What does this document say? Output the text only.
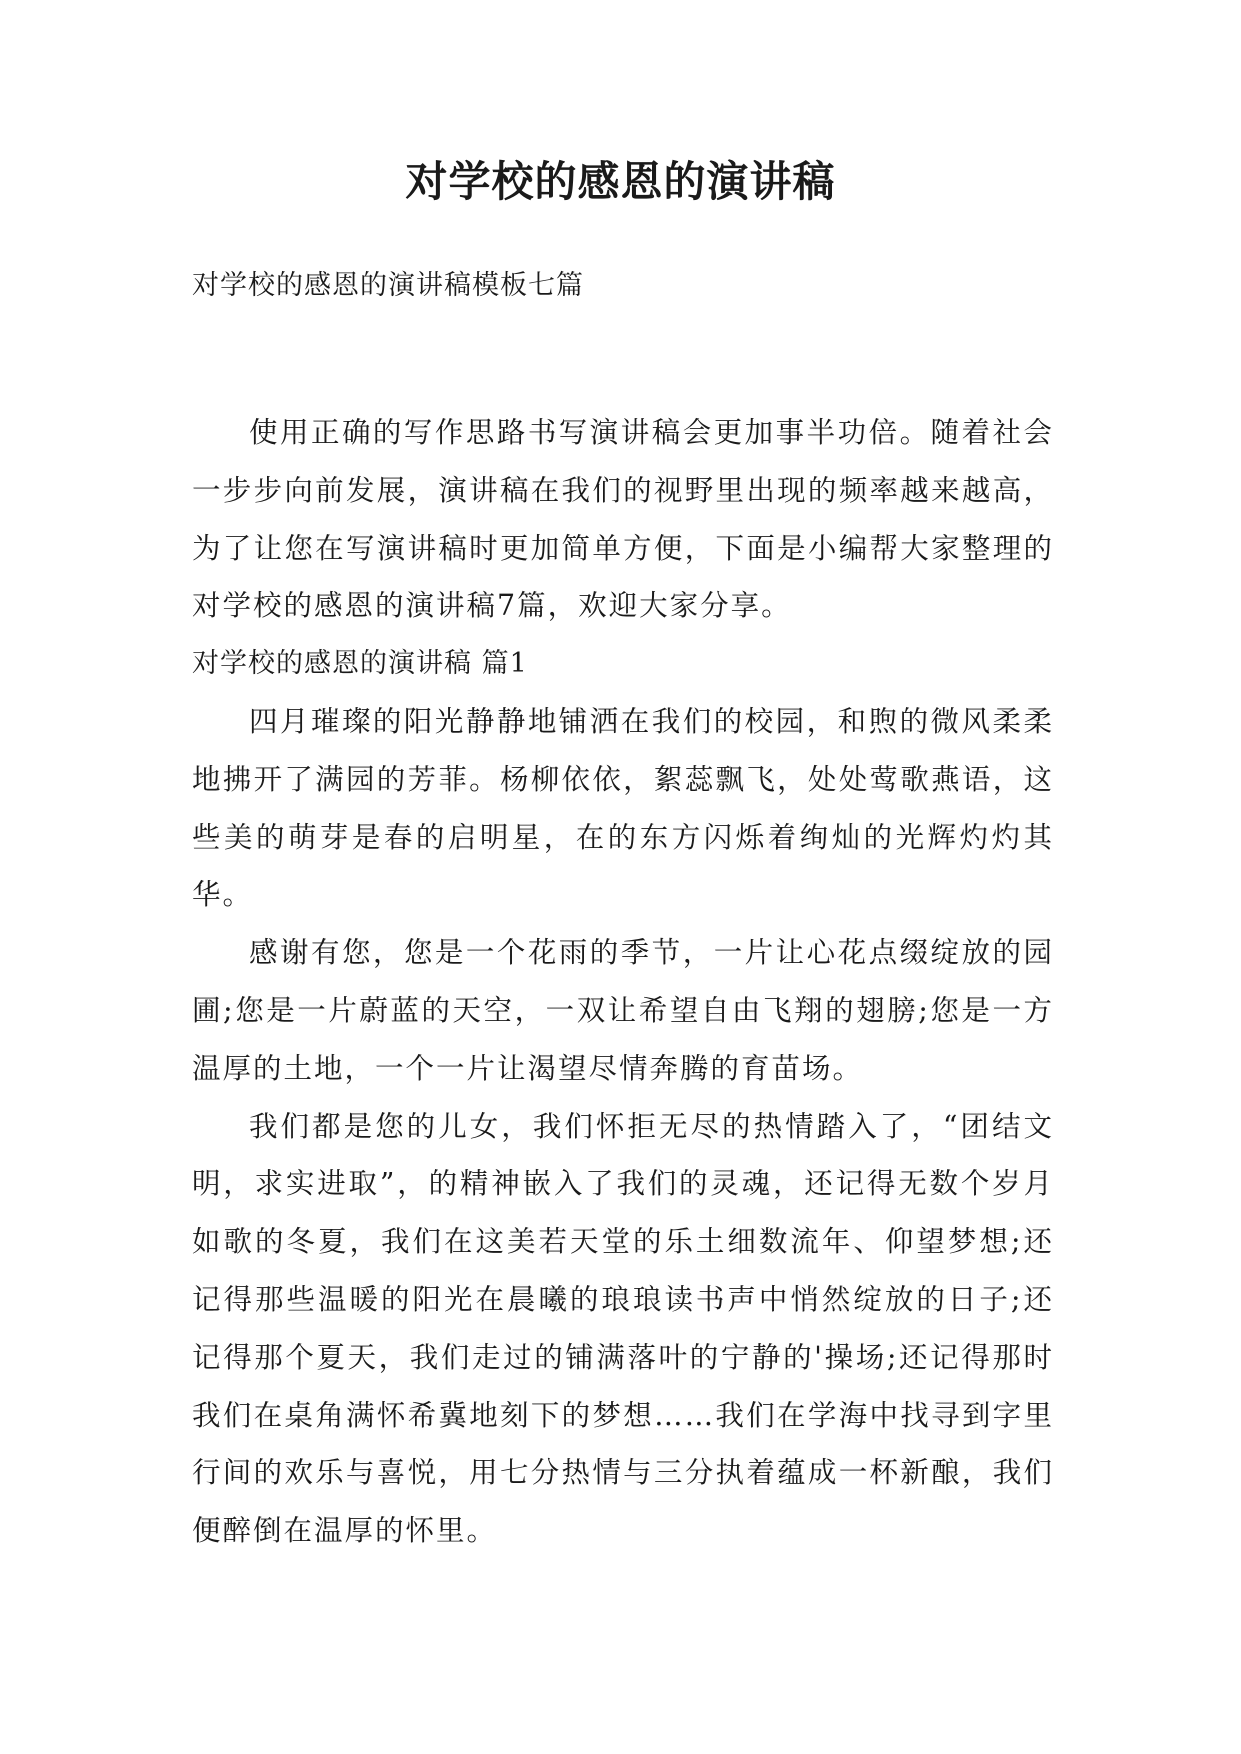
对学校的感恩的演讲稿

对学校的感恩的演讲稿模板七篇

使用正确的写作思路书写演讲稿会更加事半功倍。随着社会一步步向前发展，演讲稿在我们的视野里出现的频率越来越高，为了让您在写演讲稿时更加简单方便，下面是小编帮大家整理的对学校的感恩的演讲稿7篇，欢迎大家分享。

对学校的感恩的演讲稿 篇1

四月璀璨的阳光静静地铺洒在我们的校园，和煦的微风柔柔地拂开了满园的芳菲。杨柳依依，絮蕊飘飞，处处莺歌燕语，这些美的萌芽是春的启明星，在的东方闪烁着绚灿的光辉灼灼其华。

感谢有您，您是一个花雨的季节，一片让心花点缀绽放的园圃;您是一片蔚蓝的天空，一双让希望自由飞翔的翅膀;您是一方温厚的土地，一个一片让渴望尽情奔腾的育苗场。

我们都是您的儿女，我们怀拒无尽的热情踏入了，“团结文明，求实进取”，的精神嵌入了我们的灵魂，还记得无数个岁月如歌的冬夏，我们在这美若天堂的乐土细数流年、仰望梦想;还记得那些温暖的阳光在晨曦的琅琅读书声中悄然绽放的日子;还记得那个夏天，我们走过的铺满落叶的宁静的'操场;还记得那时我们在桌角满怀希冀地刻下的梦想……我们在学海中找寻到字里行间的欢乐与喜悦，用七分热情与三分执着蕴成一杯新酿，我们便醉倒在温厚的怀里。
